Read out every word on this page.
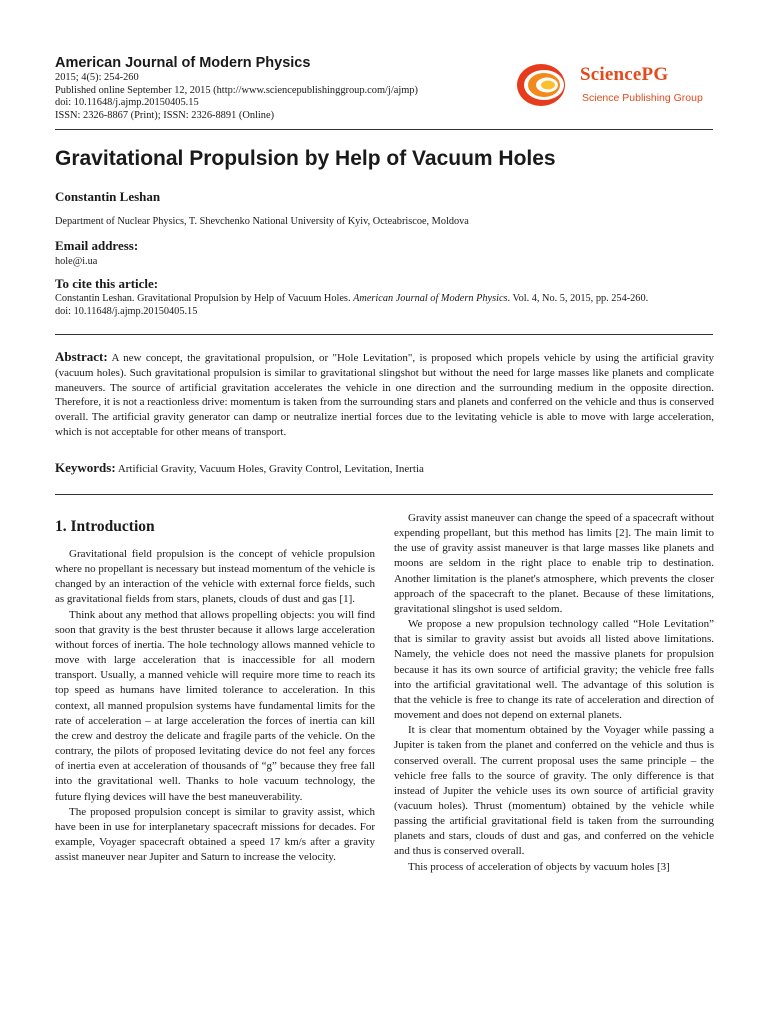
American Journal of Modern Physics
2015; 4(5): 254-260
Published online September 12, 2015 (http://www.sciencepublishinggroup.com/j/ajmp)
doi: 10.11648/j.ajmp.20150405.15
ISSN: 2326-8867 (Print); ISSN: 2326-8891 (Online)
SciencePG
Science Publishing Group
Gravitational Propulsion by Help of Vacuum Holes
Constantin Leshan
Department of Nuclear Physics, T. Shevchenko National University of Kyiv, Octeabriscoe, Moldova
Email address:
hole@i.ua
To cite this article:
Constantin Leshan. Gravitational Propulsion by Help of Vacuum Holes. American Journal of Modern Physics. Vol. 4, No. 5, 2015, pp. 254-260.
doi: 10.11648/j.ajmp.20150405.15
Abstract: A new concept, the gravitational propulsion, or "Hole Levitation", is proposed which propels vehicle by using the artificial gravity (vacuum holes). Such gravitational propulsion is similar to gravitational slingshot but without the need for large masses like planets and complicate maneuvers. The source of artificial gravitation accelerates the vehicle in one direction and the surrounding medium in the opposite direction. Therefore, it is not a reactionless drive: momentum is taken from the surrounding stars and planets and conferred on the vehicle and thus is conserved overall. The artificial gravity generator can damp or neutralize inertial forces due to the levitating vehicle is able to move with large acceleration, which is not acceptable for other means of transport.
Keywords: Artificial Gravity, Vacuum Holes, Gravity Control, Levitation, Inertia
1. Introduction

Gravitational field propulsion is the concept of vehicle propulsion where no propellant is necessary but instead momentum of the vehicle is changed by an interaction of the vehicle with external force fields, such as gravitational fields from stars, planets, clouds of dust and gas [1].

Think about any method that allows propelling objects: you will find soon that gravity is the best thruster because it allows large acceleration without forces of inertia. The hole technology allows manned vehicle to move with large acceleration that is inaccessible for all modern transport. Usually, a manned vehicle will require more time to reach its top speed as humans have limited tolerance to acceleration. In this context, all manned propulsion systems have fundamental limits for the rate of acceleration – at large acceleration the forces of inertia can kill the crew and destroy the delicate and fragile parts of the vehicle. On the contrary, the pilots of proposed levitating device do not feel any forces of inertia even at acceleration of thousands of “g” because they free fall into the gravitational well. Thanks to hole vacuum technology, the future flying devices will have the best maneuverability.

The proposed propulsion concept is similar to gravity assist, which have been in use for interplanetary spacecraft missions for decades. For example, Voyager spacecraft obtained a speed 17 km/s after a gravity assist maneuver near Jupiter and Saturn to increase the velocity.

Gravity assist maneuver can change the speed of a spacecraft without expending propellant, but this method has limits [2]. The main limit to the use of gravity assist maneuver is that large masses like planets and moons are seldom in the right place to enable trip to destination. Another limitation is the planet's atmosphere, which prevents the closer approach of the spacecraft to the planet. Because of these limitations, gravitational slingshot is used seldom.

We propose a new propulsion technology called “Hole Levitation” that is similar to gravity assist but avoids all listed above limitations. Namely, the vehicle does not need the massive planets for propulsion because it has its own source of artificial gravity; the vehicle free falls into the artificial gravitational well. The advantage of this solution is that the vehicle is free to change its rate of acceleration and direction of movement and does not depend on external planets.

It is clear that momentum obtained by the Voyager while passing a Jupiter is taken from the planet and conferred on the vehicle and thus is conserved overall. The current proposal uses the same principle – the vehicle free falls to the source of gravity. The only difference is that instead of Jupiter the vehicle uses its own source of artificial gravity (vacuum holes). Thrust (momentum) obtained by the vehicle while passing the artificial gravitational field is taken from the surrounding planets and stars, clouds of dust and gas, and conferred on the vehicle and thus is conserved overall.

This process of acceleration of objects by vacuum holes [3]
